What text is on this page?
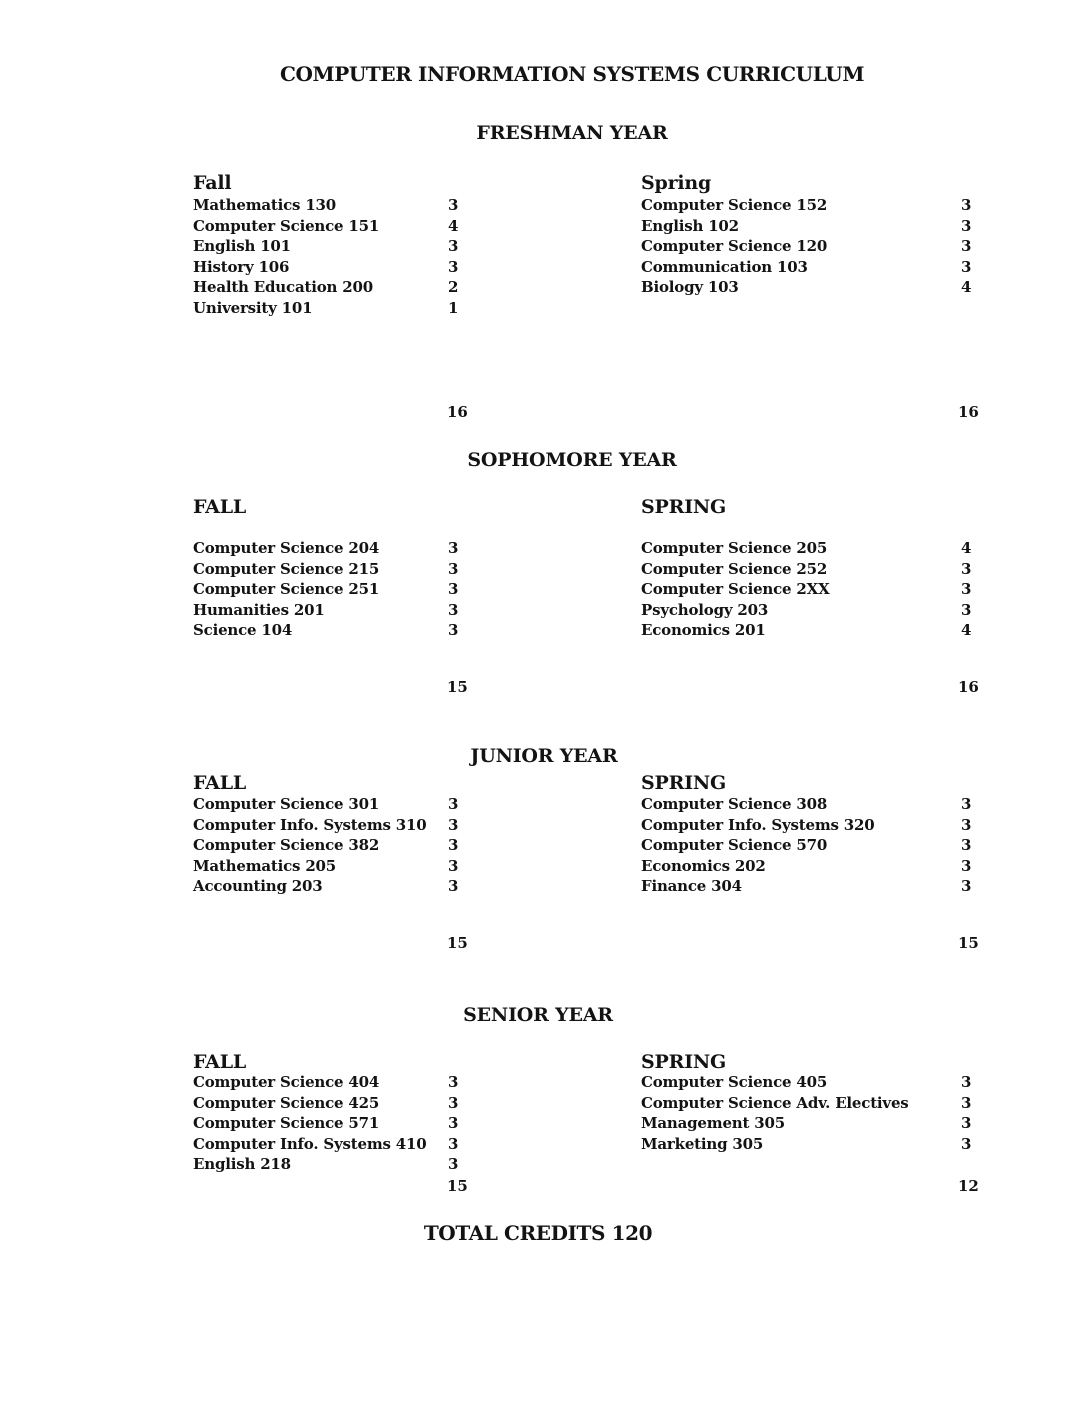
COMPUTER INFORMATION SYSTEMS CURRICULUM
FRESHMAN YEAR
Fall
Mathematics 130	3
Computer Science 151	4
English 101	3
History 106	3
Health Education 200	2
University 101	1
16
Spring
Computer Science 152	3
English 102	3
Computer Science 120	3
Communication 103	3
Biology 103	4
16
SOPHOMORE YEAR
FALL
Computer Science 204	3
Computer Science 215	3
Computer Science 251	3
Humanities 201	3
Science 104	3
15
SPRING
Computer Science 205	4
Computer Science 252	3
Computer Science 2XX	3
Psychology 203	3
Economics 201	4
16
JUNIOR YEAR
FALL
Computer Science 301	3
Computer Info. Systems 310	3
Computer Science 382	3
Mathematics 205	3
Accounting 203	3
15
SPRING
Computer Science 308	3
Computer Info. Systems 320	3
Computer Science 570	3
Economics 202	3
Finance 304	3
15
SENIOR YEAR
FALL
Computer Science 404	3
Computer Science 425	3
Computer Science 571	3
Computer Info. Systems 410	3
English 218	3
15
SPRING
Computer Science 405	3
Computer Science Adv. Electives	3
Management 305	3
Marketing 305	3
12
TOTAL CREDITS 120
